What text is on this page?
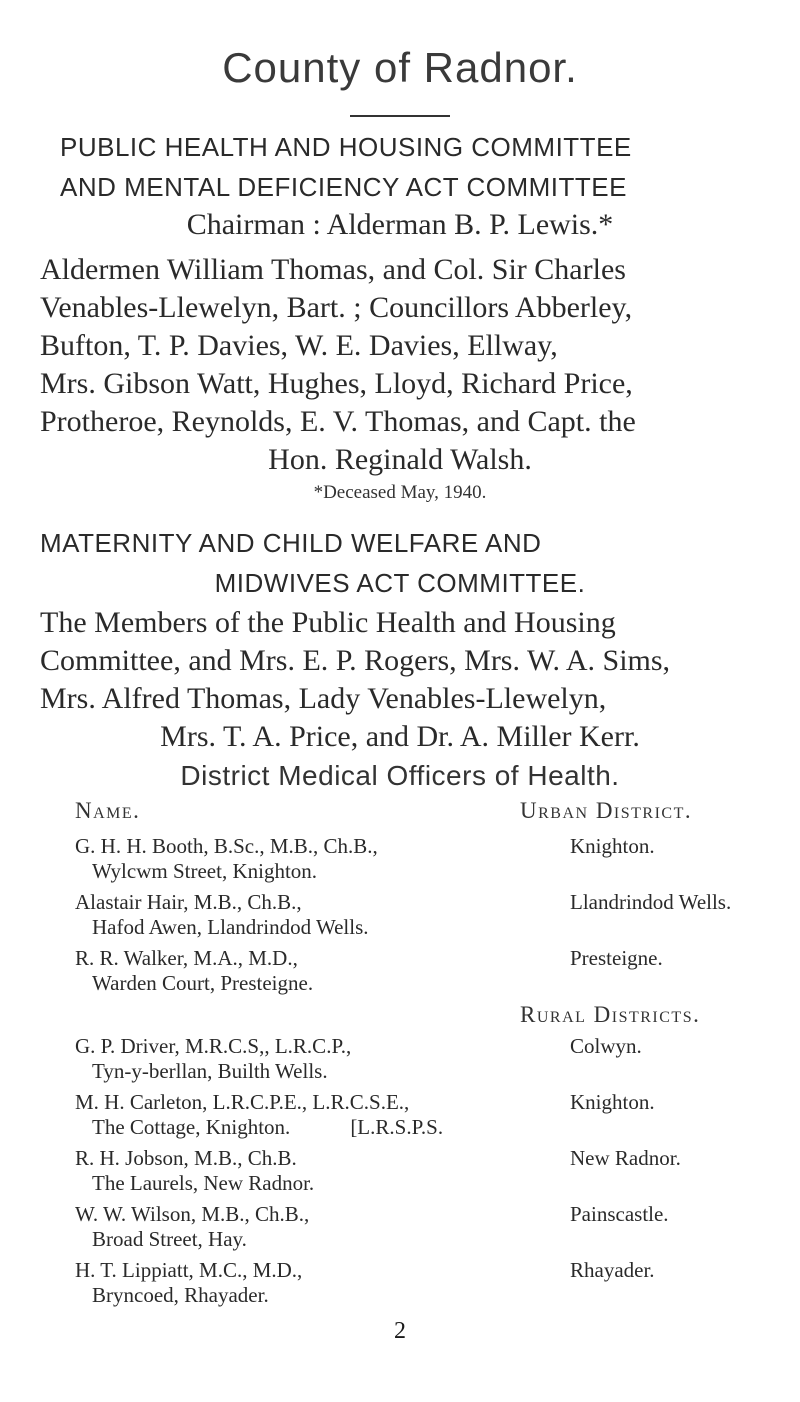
County of Radnor.
PUBLIC HEALTH AND HOUSING COMMITTEE
AND MENTAL DEFICIENCY ACT COMMITTEE
Chairman : Alderman B. P. Lewis.*
Aldermen William Thomas, and Col. Sir Charles
Venables-Llewelyn, Bart. ; Councillors Abberley,
Bufton, T. P. Davies, W. E. Davies, Ellway,
Mrs. Gibson Watt, Hughes, Lloyd, Richard Price,
Protheroe, Reynolds, E. V. Thomas, and Capt. the
Hon. Reginald Walsh.
*Deceased May, 1940.
MATERNITY AND CHILD WELFARE AND
MIDWIVES ACT COMMITTEE.
The Members of the Public Health and Housing
Committee, and Mrs. E. P. Rogers, Mrs. W. A. Sims,
Mrs. Alfred Thomas, Lady Venables-Llewelyn,
Mrs. T. A. Price, and Dr. A. Miller Kerr.
District Medical Officers of Health.
Name.	Urban District.
G. H. H. Booth, B.Sc., M.B., Ch.B.,
Wylcwm Street, Knighton.
Knighton.
Alastair Hair, M.B., Ch.B.,
Hafod Awen, Llandrindod Wells.
Llandrindod Wells.
R. R. Walker, M.A., M.D.,
Warden Court, Presteigne.
Presteigne.
Rural Districts.
G. P. Driver, M.R.C.S,, L.R.C.P.,
Tyn-y-berllan, Builth Wells.
Colwyn.
M. H. Carleton, L.R.C.P.E., L.R.C.S.E.,
The Cottage, Knighton.	[L.R.S.P.S.
Knighton.
R. H. Jobson, M.B., Ch.B.
The Laurels, New Radnor.
New Radnor.
W. W. Wilson, M.B., Ch.B.,
Broad Street, Hay.
Painscastle.
H. T. Lippiatt, M.C., M.D.,
Bryncoed, Rhayader.
Rhayader.
2
